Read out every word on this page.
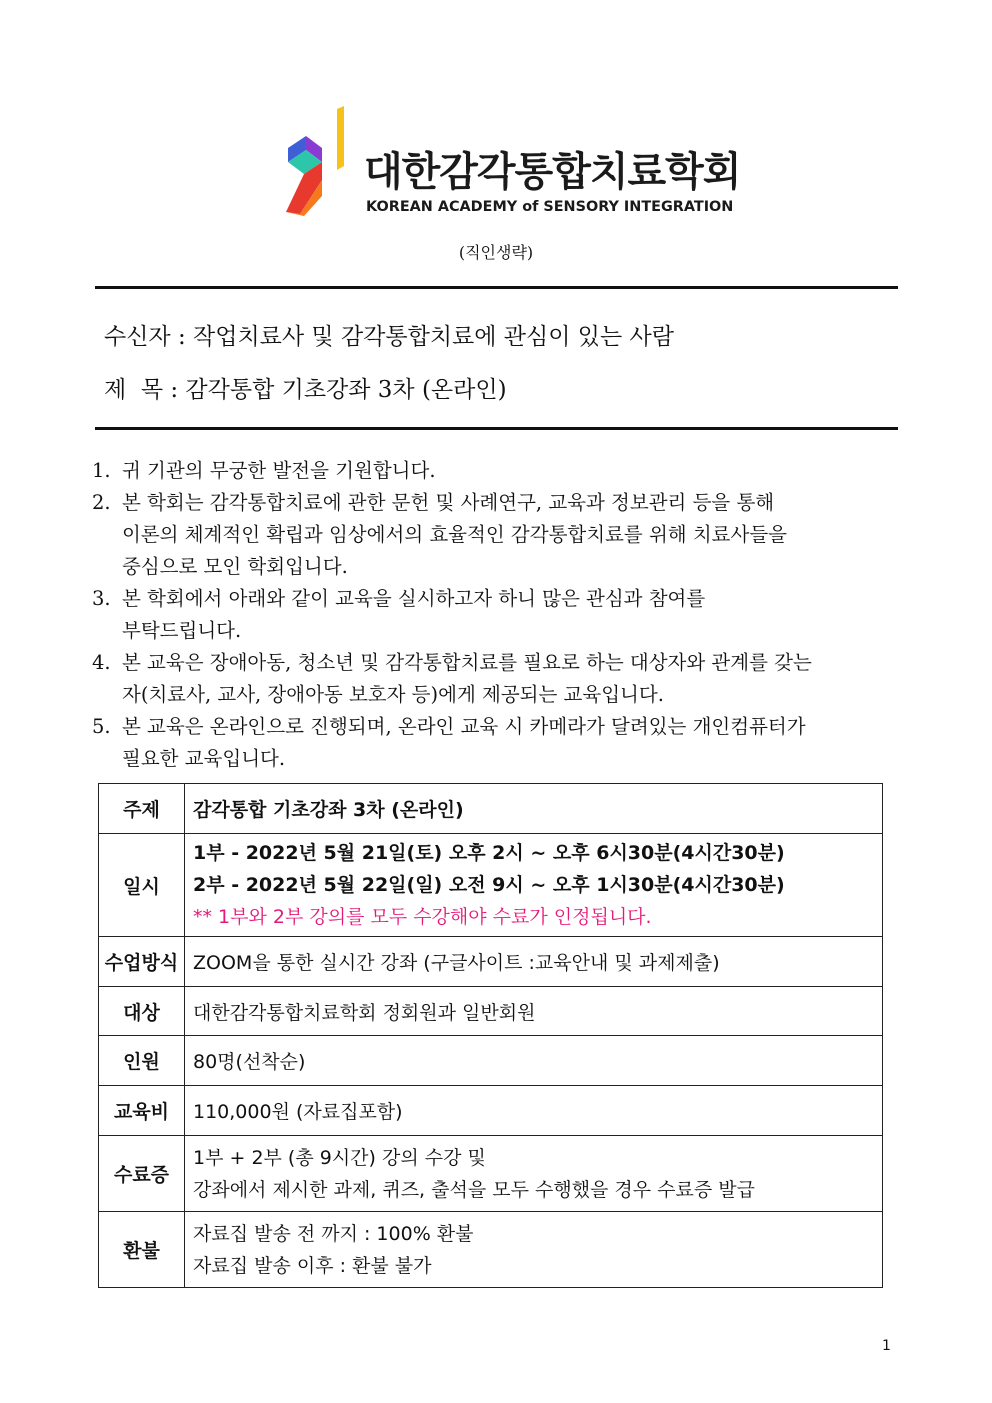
대한감각통합치료학회
KOREAN ACADEMY of SENSORY INTEGRATION
(직인생략)
수신자 : 작업치료사 및 감각통합치료에 관심이 있는 사람
제  목 : 감각통합 기초강좌 3차 (온라인)
1. 귀 기관의 무궁한 발전을 기원합니다.
2. 본 학회는 감각통합치료에 관한 문헌 및 사례연구, 교육과 정보관리 등을 통해
이론의 체계적인 확립과 임상에서의 효율적인 감각통합치료를 위해 치료사들을
중심으로 모인 학회입니다.
3. 본 학회에서 아래와 같이 교육을 실시하고자 하니 많은 관심과 참여를
부탁드립니다.
4. 본 교육은 장애아동, 청소년 및 감각통합치료를 필요로 하는 대상자와 관계를 갖는
자(치료사, 교사, 장애아동 보호자 등)에게 제공되는 교육입니다.
5. 본 교육은 온라인으로 진행되며, 온라인 교육 시 카메라가 달려있는 개인컴퓨터가
필요한 교육입니다.
주제	감각통합 기초강좌 3차 (온라인)
일시	1부 - 2022년 5월 21일(토) 오후 2시 ~ 오후 6시30분(4시간30분)
2부 - 2022년 5월 22일(일) 오전 9시 ~ 오후 1시30분(4시간30분)
** 1부와 2부 강의를 모두 수강해야 수료가 인정됩니다.

수업방식	ZOOM을 통한 실시간 강좌 (구글사이트 :교육안내 및 과제제출)
대상	대한감각통합치료학회 정회원과 일반회원
인원	80명(선착순)
교육비	110,000원 (자료집포함)
수료증	1부 + 2부 (총 9시간) 강의 수강 및
강좌에서 제시한 과제, 퀴즈, 출석을 모두 수행했을 경우 수료증 발급

환불	자료집 발송 전 까지 : 100% 환불
자료집 발송 이후 : 환불 불가
1
